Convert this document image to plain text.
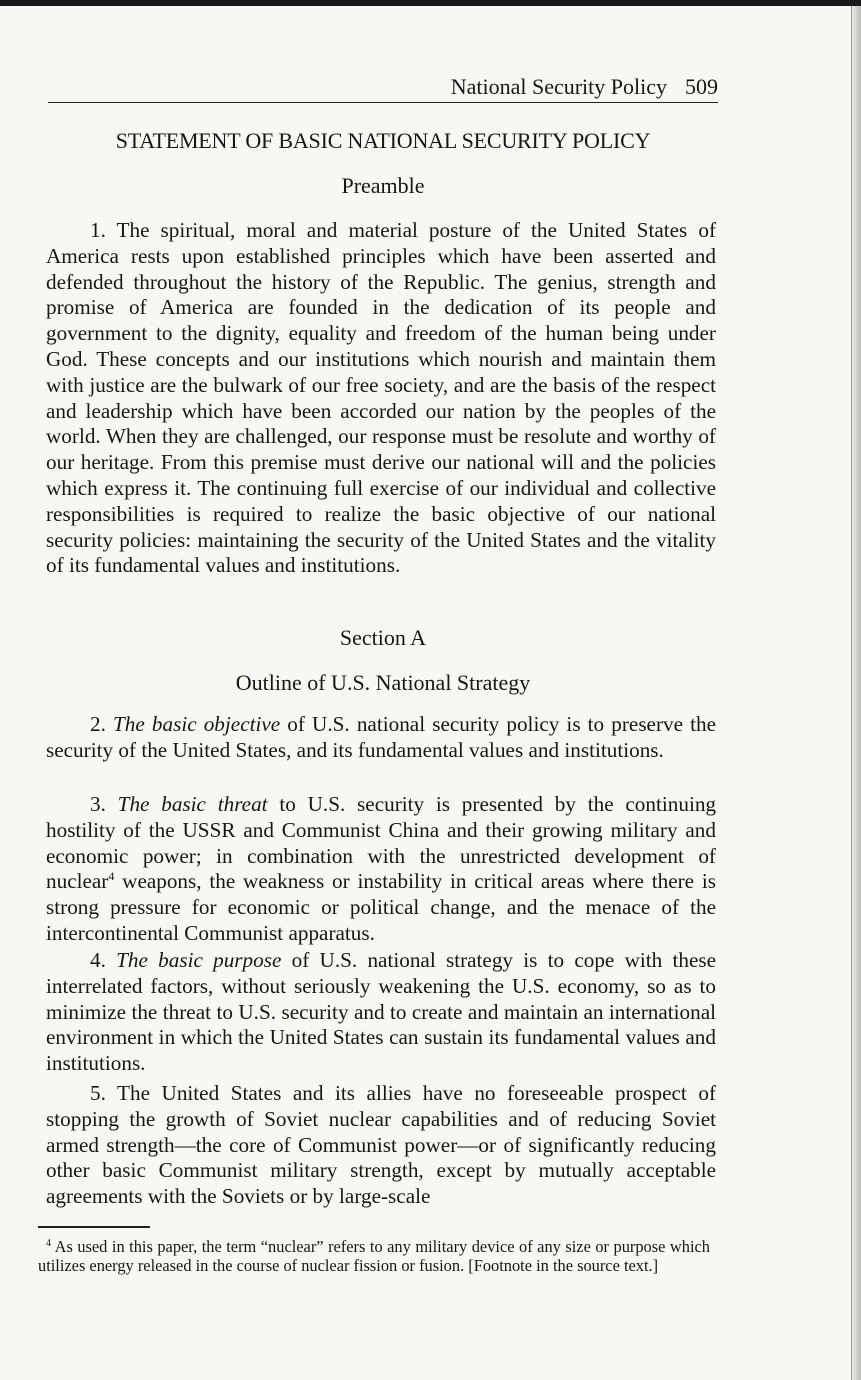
National Security Policy 509
STATEMENT OF BASIC NATIONAL SECURITY POLICY
Preamble

1. The spiritual, moral and material posture of the United States of America rests upon established principles which have been asserted and defended throughout the history of the Republic. The genius, strength and promise of America are founded in the dedication of its people and government to the dignity, equality and freedom of the human being under God. These concepts and our institutions which nourish and maintain them with justice are the bulwark of our free society, and are the basis of the respect and leadership which have been accorded our nation by the peoples of the world. When they are challenged, our response must be resolute and worthy of our heritage. From this premise must derive our national will and the policies which express it. The continuing full exercise of our individual and collective responsibilities is required to realize the basic objective of our national security policies: maintaining the security of the United States and the vitality of its fundamental values and institutions.

Section A
Outline of U.S. National Strategy

2. The basic objective of U.S. national security policy is to preserve the security of the United States, and its fundamental values and institutions.

3. The basic threat to U.S. security is presented by the continuing hostility of the USSR and Communist China and their growing military and economic power; in combination with the unrestricted development of nuclear$^4$ weapons, the weakness or instability in critical areas where there is strong pressure for economic or political change, and the menace of the intercontinental Communist apparatus.

4. The basic purpose of U.S. national strategy is to cope with these interrelated factors, without seriously weakening the U.S. economy, so as to minimize the threat to U.S. security and to create and maintain an international environment in which the United States can sustain its fundamental values and institutions.

5. The United States and its allies have no foreseeable prospect of stopping the growth of Soviet nuclear capabilities and of reducing Soviet armed strength—the core of Communist power—or of significantly reducing other basic Communist military strength, except by mutually acceptable agreements with the Soviets or by large-scale

$^4$ As used in this paper, the term “nuclear” refers to any military device of any size or purpose which utilizes energy released in the course of nuclear fission or fusion. [Footnote in the source text.]
